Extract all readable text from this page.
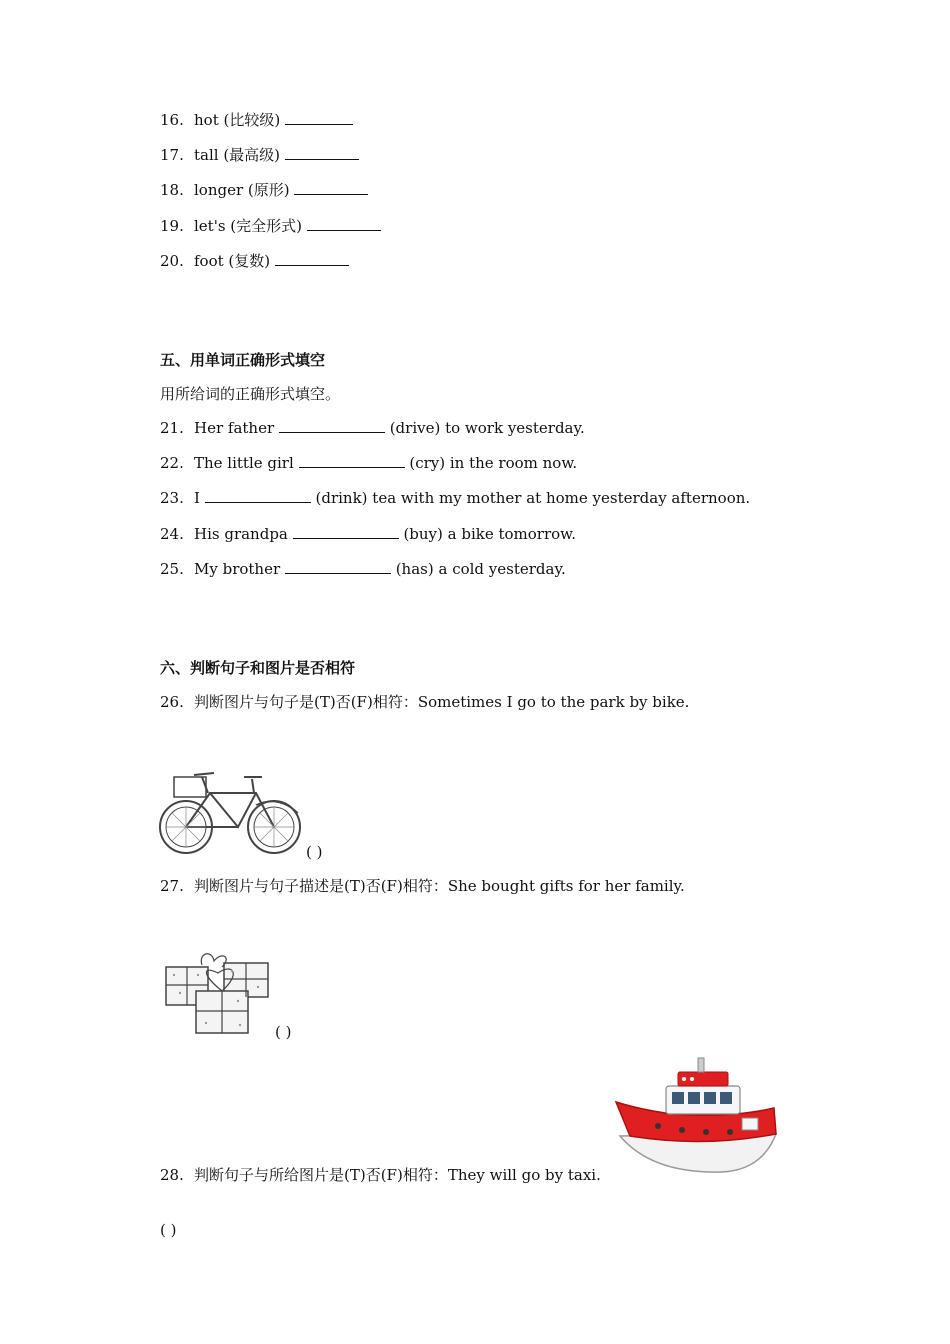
16. hot (比较级)
17. tall (最高级)
18. longer (原形)
19. let's (完全形式)
20. foot (复数)
五、用单词正确形式填空
用所给词的正确形式填空。
21. Her father	(drive) to work yesterday.
22. The little girl	(cry) in the room now.
23. I	(drink) tea with my mother at home yesterday afternoon.
24. His grandpa	(buy) a bike tomorrow.
25. My brother	(has) a cold yesterday.
六、判断句子和图片是否相符
26. 判断图片与句子是(T)否(F)相符：Sometimes I go to the park by bike.
( )
27. 判断图片与句子描述是(T)否(F)相符：She bought gifts for her family.
( )
28. 判断句子与所给图片是(T)否(F)相符：They will go by taxi.
( )
